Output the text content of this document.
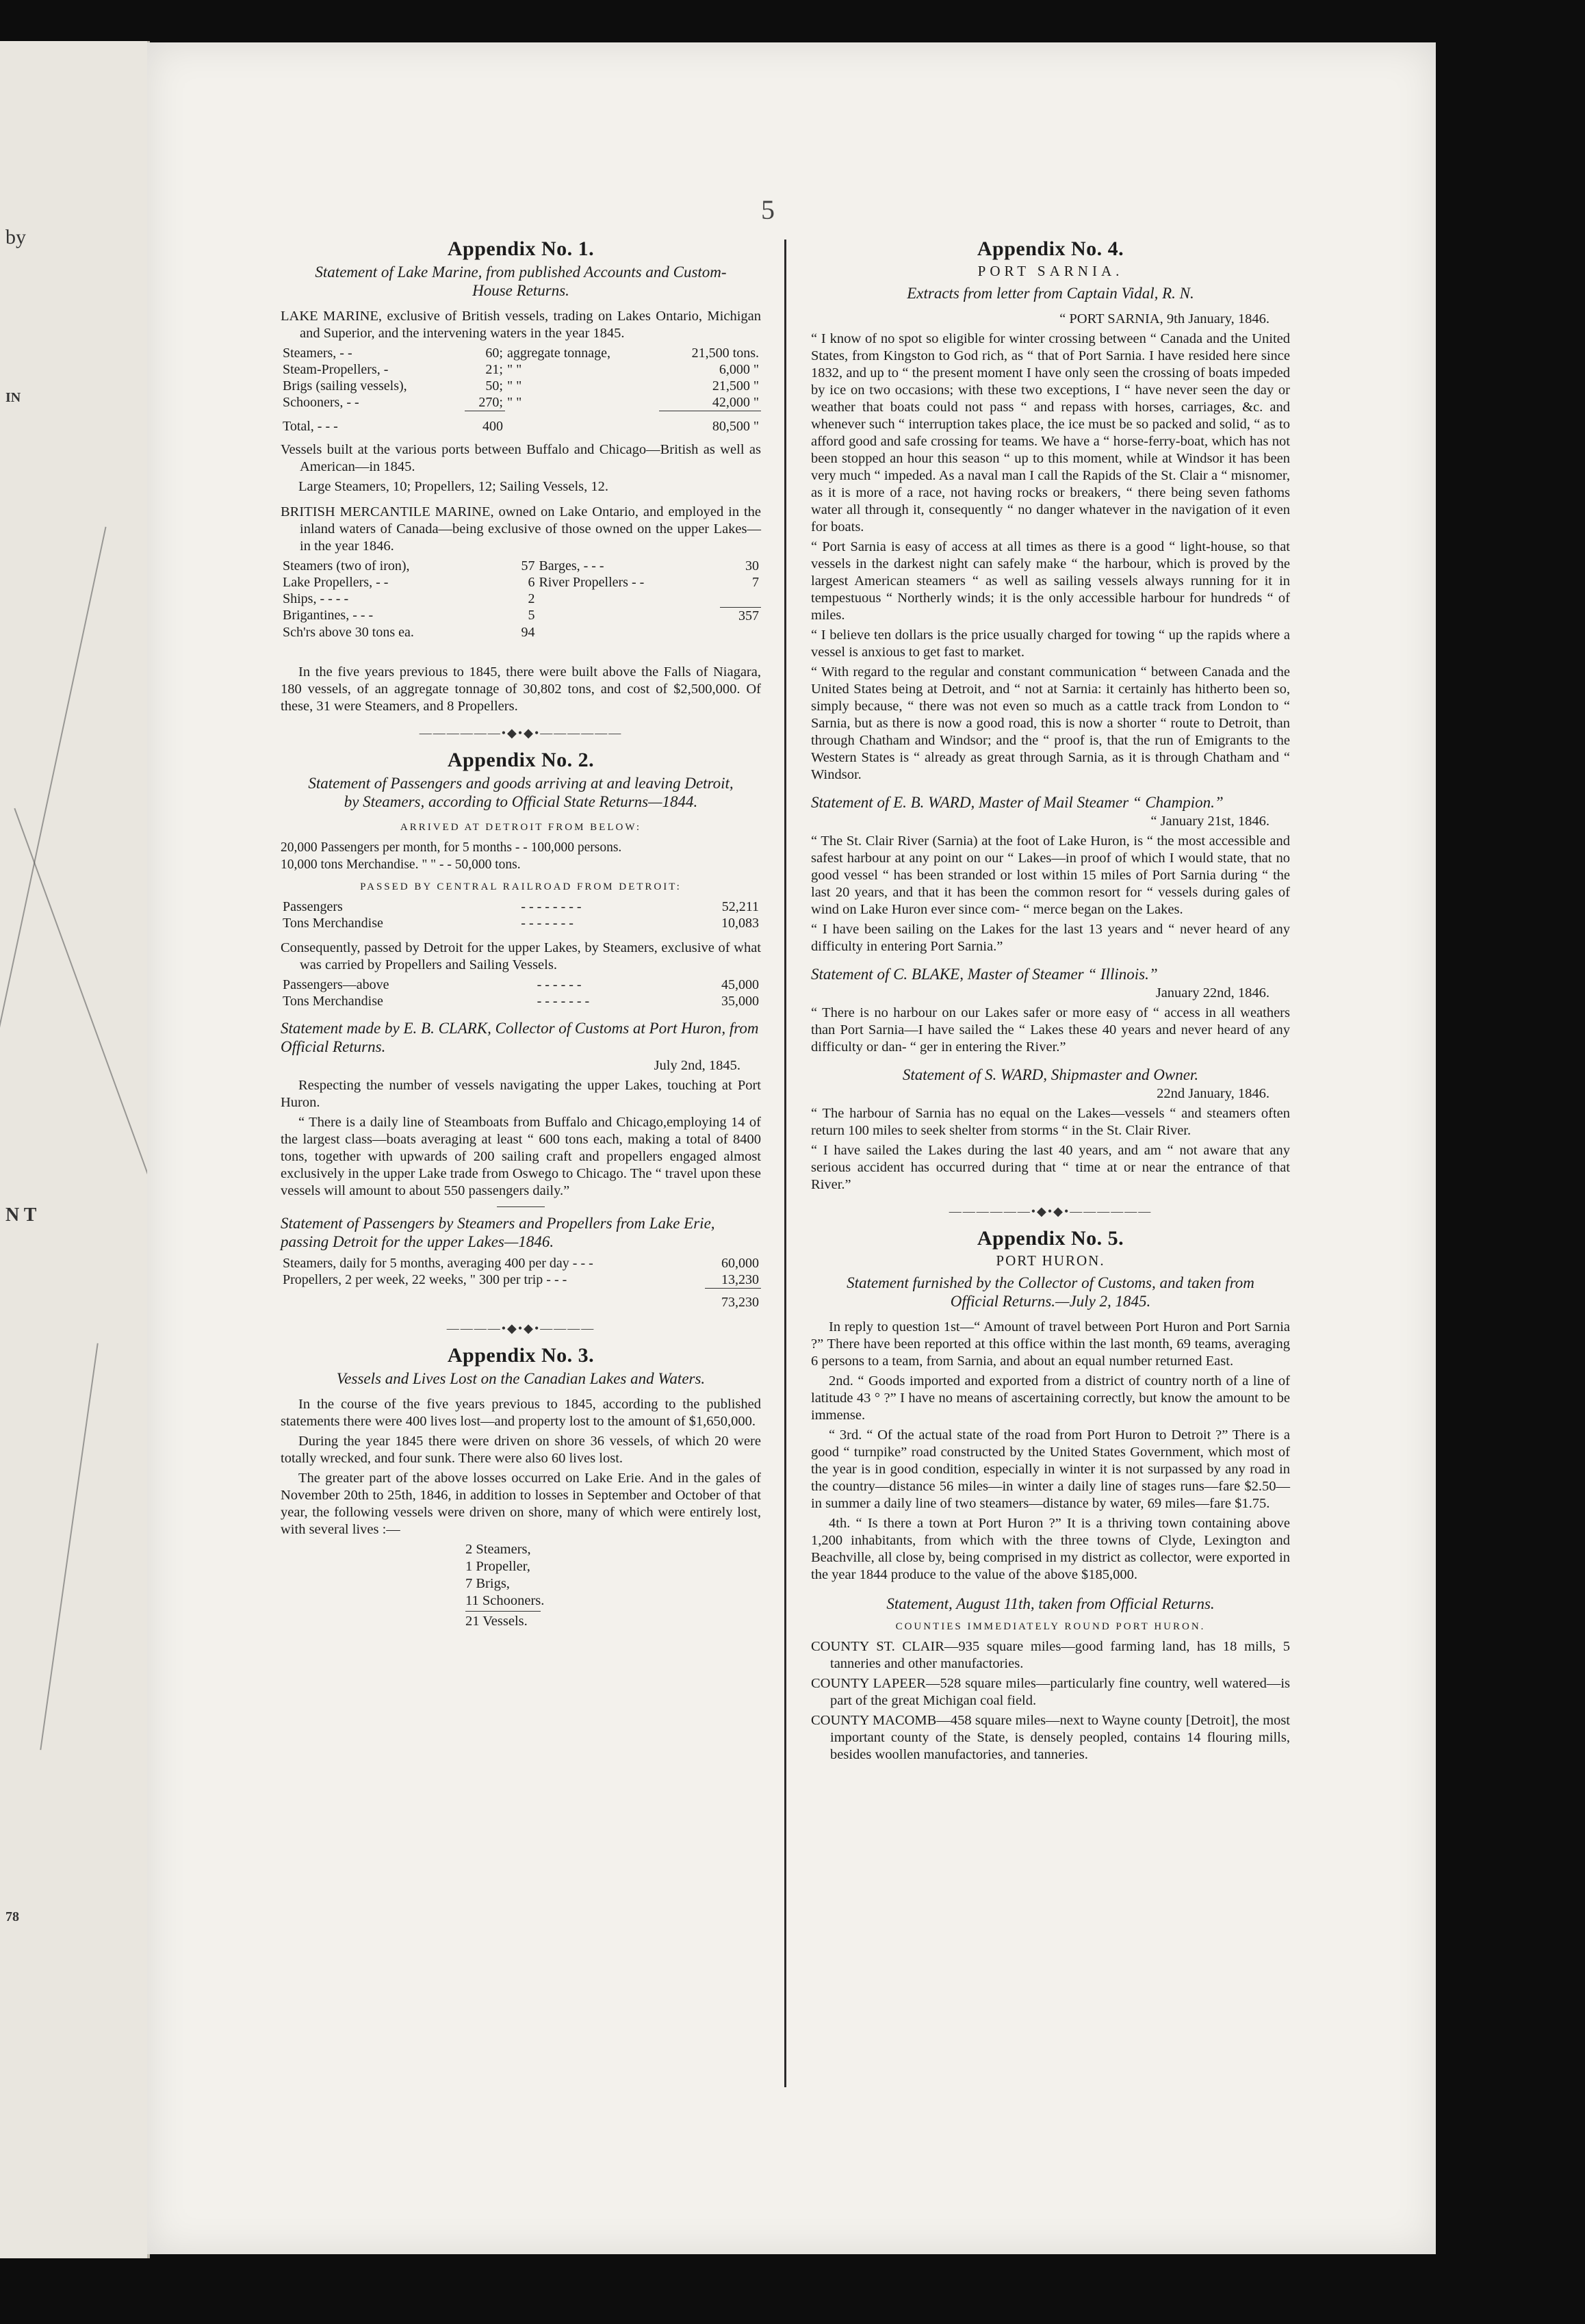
by
IN
N T
78
5
Appendix No. 1.
Statement of Lake Marine, from published Accounts and Custom-House Returns.

LAKE MARINE, exclusive of British vessels, trading on Lakes Ontario, Michigan and Superior, and the intervening waters in the year 1845.

Steamers, - -	60;	aggregate tonnage,	21,500 tons.
Steam-Propellers, -	21;	" "	6,000 "
Brigs (sailing vessels),	50;	" "	21,500 "
Schooners, - -	270;	" "	42,000 "
Total, - - -	400		80,500 "

Vessels built at the various ports between Buffalo and Chicago—British as well as American—in 1845.

Large Steamers, 10; Propellers, 12; Sailing Vessels, 12.

BRITISH MERCANTILE MARINE, owned on Lake Ontario, and employed in the inland waters of Canada—being exclusive of those owned on the upper Lakes—in the year 1846.

Steamers (two of iron),	57	Barges, - - -	30
Lake Propellers, - -	6	River Propellers - -	7
Ships, - - - -	2		
Brigantines, - - -	5		357
Sch'rs above 30 tons ea.	94		

In the five years previous to 1845, there were built above the Falls of Niagara, 180 vessels, of an aggregate tonnage of 30,802 tons, and cost of $2,500,000. Of these, 31 were Steamers, and 8 Propellers.

——————•◆•◆•——————
Appendix No. 2.
Statement of Passengers and goods arriving at and leaving Detroit, by Steamers, according to Official State Returns—1844.
ARRIVED AT DETROIT FROM BELOW:
20,000 Passengers per month, for 5 months - - 100,000 persons.
10,000 tons Merchandise. " " - - 50,000 tons.
PASSED BY CENTRAL RAILROAD FROM DETROIT:
Passengers	- - - - - - - -	52,211
Tons Merchandise	- - - - - - -	10,083

Consequently, passed by Detroit for the upper Lakes, by Steamers, exclusive of what was carried by Propellers and Sailing Vessels.

Passengers—above	- - - - - -	45,000
Tons Merchandise	- - - - - - -	35,000
Statement made by E. B. CLARK, Collector of Customs at Port Huron, from Official Returns.
July 2nd, 1845.

Respecting the number of vessels navigating the upper Lakes, touching at Port Huron.

“ There is a daily line of Steamboats from Buffalo and Chicago,employing 14 of the largest class—boats averaging at least “ 600 tons each, making a total of 8400 tons, together with upwards of 200 sailing craft and propellers engaged almost exclusively in the upper Lake trade from Oswego to Chicago. The “ travel upon these vessels will amount to about 550 passengers daily.”

Statement of Passengers by Steamers and Propellers from Lake Erie, passing Detroit for the upper Lakes—1846.
Steamers, daily for 5 months, averaging 400 per day - - -	60,000
Propellers, 2 per week, 22 weeks, " 300 per trip - - -	13,230
	73,230
————•◆•◆•————
Appendix No. 3.
Vessels and Lives Lost on the Canadian Lakes and Waters.

In the course of the five years previous to 1845, according to the published statements there were 400 lives lost—and property lost to the amount of $1,650,000.

During the year 1845 there were driven on shore 36 vessels, of which 20 were totally wrecked, and four sunk. There were also 60 lives lost.

The greater part of the above losses occurred on Lake Erie. And in the gales of November 20th to 25th, 1846, in addition to losses in September and October of that year, the following vessels were driven on shore, many of which were entirely lost, with several lives :—

2 Steamers,
1 Propeller,
7 Brigs,
11 Schooners.
21 Vessels.
Appendix No. 4.
PORT SARNIA.
Extracts from letter from Captain Vidal, R. N.
“ PORT SARNIA, 9th January, 1846.

“ I know of no spot so eligible for winter crossing between “ Canada and the United States, from Kingston to God rich, as “ that of Port Sarnia. I have resided here since 1832, and up to “ the present moment I have only seen the crossing of boats impeded by ice on two occasions; with these two exceptions, I “ have never seen the day or weather that boats could not pass “ and repass with horses, carriages, &c. and whenever such “ interruption takes place, the ice must be so packed and solid, “ as to afford good and safe crossing for teams. We have a “ horse-ferry-boat, which has not been stopped an hour this season “ up to this moment, while at Windsor it has been very much “ impeded. As a naval man I call the Rapids of the St. Clair a “ misnomer, as it is more of a race, not having rocks or breakers, “ there being seven fathoms water all through it, consequently “ no danger whatever in the navigation of it even for boats.

“ Port Sarnia is easy of access at all times as there is a good “ light-house, so that vessels in the darkest night can safely make “ the harbour, which is proved by the largest American steamers “ as well as sailing vessels always running for it in tempestuous “ Northerly winds; it is the only accessible harbour for hundreds “ of miles.

“ I believe ten dollars is the price usually charged for towing “ up the rapids where a vessel is anxious to get fast to market.

“ With regard to the regular and constant communication “ between Canada and the United States being at Detroit, and “ not at Sarnia: it certainly has hitherto been so, simply because, “ there was not even so much as a cattle track from London to “ Sarnia, but as there is now a good road, this is now a shorter “ route to Detroit, than through Chatham and Windsor; and the “ proof is, that the run of Emigrants to the Western States is “ already as great through Sarnia, as it is through Chatham and “ Windsor.

Statement of E. B. WARD, Master of Mail Steamer “ Champion.”
“ January 21st, 1846.

“ The St. Clair River (Sarnia) at the foot of Lake Huron, is “ the most accessible and safest harbour at any point on our “ Lakes—in proof of which I would state, that no good vessel “ has been stranded or lost within 15 miles of Port Sarnia during “ the last 20 years, and that it has been the common resort for “ vessels during gales of wind on Lake Huron ever since com- “ merce began on the Lakes.

“ I have been sailing on the Lakes for the last 13 years and “ never heard of any difficulty in entering Port Sarnia.”

Statement of C. BLAKE, Master of Steamer “ Illinois.”
January 22nd, 1846.

“ There is no harbour on our Lakes safer or more easy of “ access in all weathers than Port Sarnia—I have sailed the “ Lakes these 40 years and never heard of any difficulty or dan- “ ger in entering the River.”

Statement of S. WARD, Shipmaster and Owner.
22nd January, 1846.

“ The harbour of Sarnia has no equal on the Lakes—vessels “ and steamers often return 100 miles to seek shelter from storms “ in the St. Clair River.

“ I have sailed the Lakes during the last 40 years, and am “ not aware that any serious accident has occurred during that “ time at or near the entrance of that River.”

——————•◆•◆•——————
Appendix No. 5.
PORT HURON.
Statement furnished by the Collector of Customs, and taken from Official Returns.—July 2, 1845.

In reply to question 1st—“ Amount of travel between Port Huron and Port Sarnia ?” There have been reported at this office within the last month, 69 teams, averaging 6 persons to a team, from Sarnia, and about an equal number returned East.

2nd. “ Goods imported and exported from a district of country north of a line of latitude 43 ° ?” I have no means of ascertaining correctly, but know the amount to be immense.

“ 3rd. “ Of the actual state of the road from Port Huron to Detroit ?” There is a good “ turnpike” road constructed by the United States Government, which most of the year is in good condition, especially in winter it is not surpassed by any road in the country—distance 56 miles—in winter a daily line of stages runs—fare $2.50—in summer a daily line of two steamers—distance by water, 69 miles—fare $1.75.

4th. “ Is there a town at Port Huron ?” It is a thriving town containing above 1,200 inhabitants, from which with the three towns of Clyde, Lexington and Beachville, all close by, being comprised in my district as collector, were exported in the year 1844 produce to the value of the above $185,000.

Statement, August 11th, taken from Official Returns.
COUNTIES IMMEDIATELY ROUND PORT HURON.

COUNTY ST. CLAIR—935 square miles—good farming land, has 18 mills, 5 tanneries and other manufactories.

COUNTY LAPEER—528 square miles—particularly fine country, well watered—is part of the great Michigan coal field.

COUNTY MACOMB—458 square miles—next to Wayne county [Detroit], the most important county of the State, is densely peopled, contains 14 flouring mills, besides woollen manufactories, and tanneries.
